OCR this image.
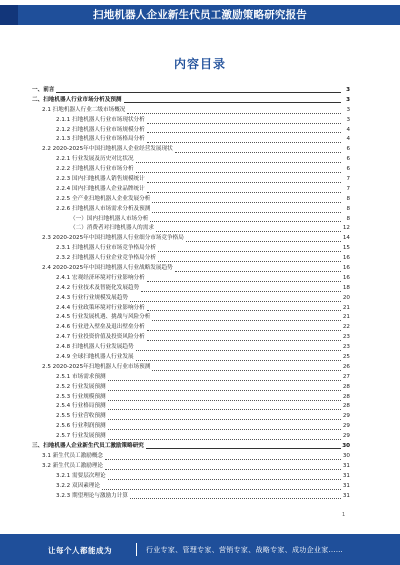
扫地机器人企业新生代员工激励策略研究报告
内容目录
一、前言	3
二、扫地机器人行业市场分析及预测	3
2.1 扫地机器人行业二级市场概况	3
2.1.1 扫地机器人行业市场现状分析	3
2.1.2 扫地机器人行业市场规模分析	4
2.1.3 扫地机器人行业市场格局分析	4
2.2 2020-2025年中国扫地机器人企业经营发展现状	6
2.2.1 行业发展及历史对比状况	6
2.2.2 扫地机器人行业市场分析	6
2.2.3 国内扫地机器人销售规模统计	7
2.2.4 国内扫地机器人企业品牌统计	7
2.2.5 全产业扫地机器人企业发展分析	8
2.2.6 扫地机器人市场需求分析及预测	8
（一）国内扫地机器人市场分析	8
（二）消费者对扫地机器人的需求	12
2.3 2020-2025年中国扫地机器人行业细分市场竞争格局	14
2.3.1 扫地机器人行业市场竞争格局分析	15
2.3.2 扫地机器人行业企业竞争格局分析	16
2.4 2020-2025年中国扫地机器人行业战略发展趋势	16
2.4.1 宏观经济环境对行业影响分析	16
2.4.2 行业技术及智能化发展趋势	18
2.4.3 行业行业规模发展趋势	20
2.4.4 行业政策环境对行业影响分析	21
2.4.5 行业发展机遇、挑战与风险分析	21
2.4.6 行业进入壁垒及退出壁垒分析	22
2.4.7 行业投资价值及投资风险分析	23
2.4.8 扫地机器人行业发展趋势	23
2.4.9 全球扫地机器人行业发展	25
2.5 2020-2025年扫地机器人行业市场预测	26
2.5.1 市场需求预测	27
2.5.2 行业发展预测	28
2.5.3 行业规模预测	28
2.5.4 行业格局预测	28
2.5.5 行业营收预测	29
2.5.6 行业利润预测	29
2.5.7 行业发展预测	29
三、扫地机器人企业新生代员工激励策略研究	30
3.1 新生代员工激励概念	30
3.2 新生代员工激励理论	31
3.2.1 需要层次理论	31
3.2.2 双因素理论	31
3.2.3 期望理论与激励力计算	31
1
让每个人都能成为	行业专家、管理专家、营销专家、战略专家、成功企业家……
